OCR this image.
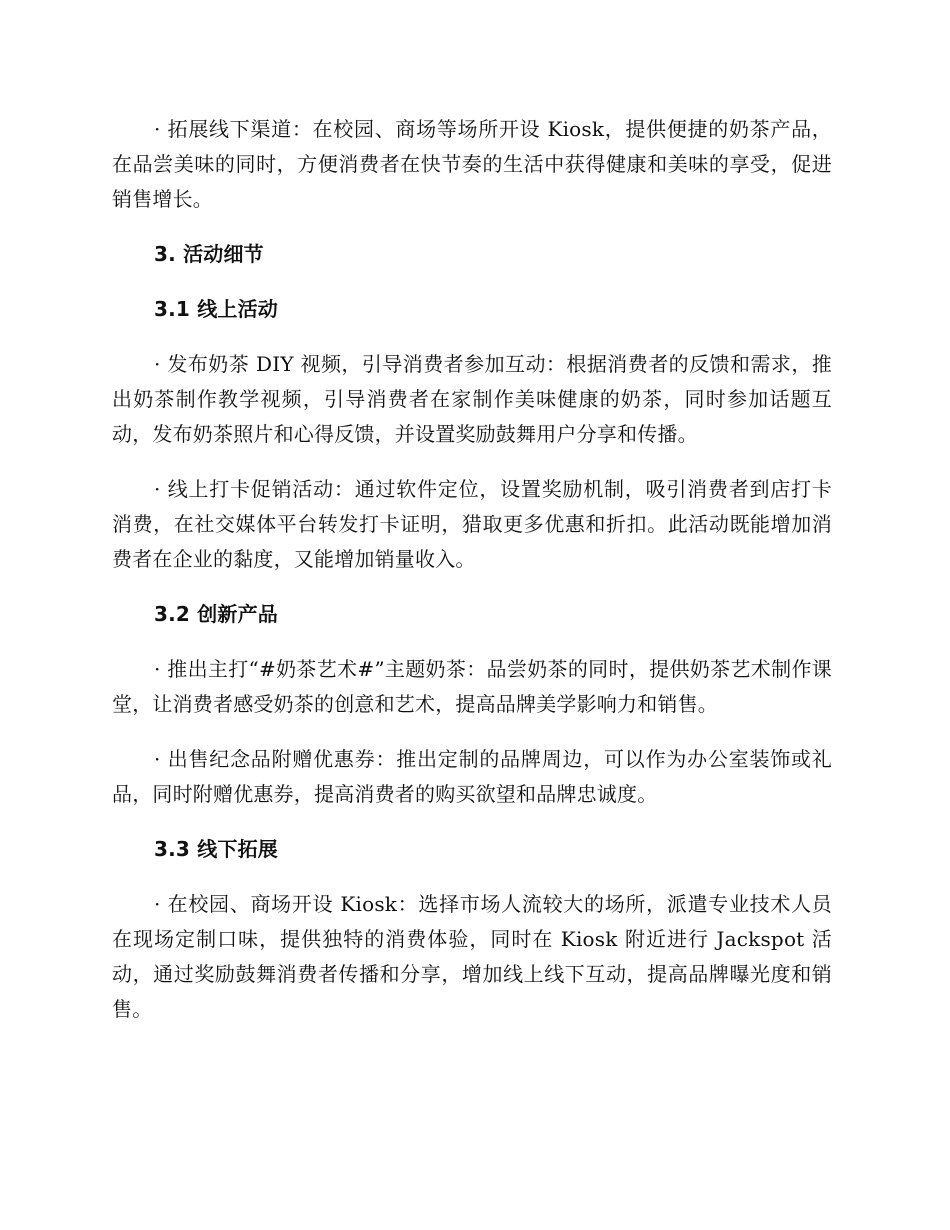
· 拓展线下渠道：在校园、商场等场所开设 Kiosk，提供便捷的奶茶产品，在品尝美味的同时，方便消费者在快节奏的生活中获得健康和美味的享受，促进销售增长。

3. 活动细节

3.1 线上活动

· 发布奶茶 DIY 视频，引导消费者参加互动：根据消费者的反馈和需求，推出奶茶制作教学视频，引导消费者在家制作美味健康的奶茶，同时参加话题互动，发布奶茶照片和心得反馈，并设置奖励鼓舞用户分享和传播。

· 线上打卡促销活动：通过软件定位，设置奖励机制，吸引消费者到店打卡消费，在社交媒体平台转发打卡证明，猎取更多优惠和折扣。此活动既能增加消费者在企业的黏度，又能增加销量收入。

3.2 创新产品

· 推出主打“#奶茶艺术#”主题奶茶：品尝奶茶的同时，提供奶茶艺术制作课堂，让消费者感受奶茶的创意和艺术，提高品牌美学影响力和销售。

· 出售纪念品附赠优惠券：推出定制的品牌周边，可以作为办公室装饰或礼品，同时附赠优惠券，提高消费者的购买欲望和品牌忠诚度。

3.3 线下拓展

· 在校园、商场开设 Kiosk：选择市场人流较大的场所，派遣专业技术人员在现场定制口味，提供独特的消费体验，同时在 Kiosk 附近进行 Jackspot 活动，通过奖励鼓舞消费者传播和分享，增加线上线下互动，提高品牌曝光度和销售。
